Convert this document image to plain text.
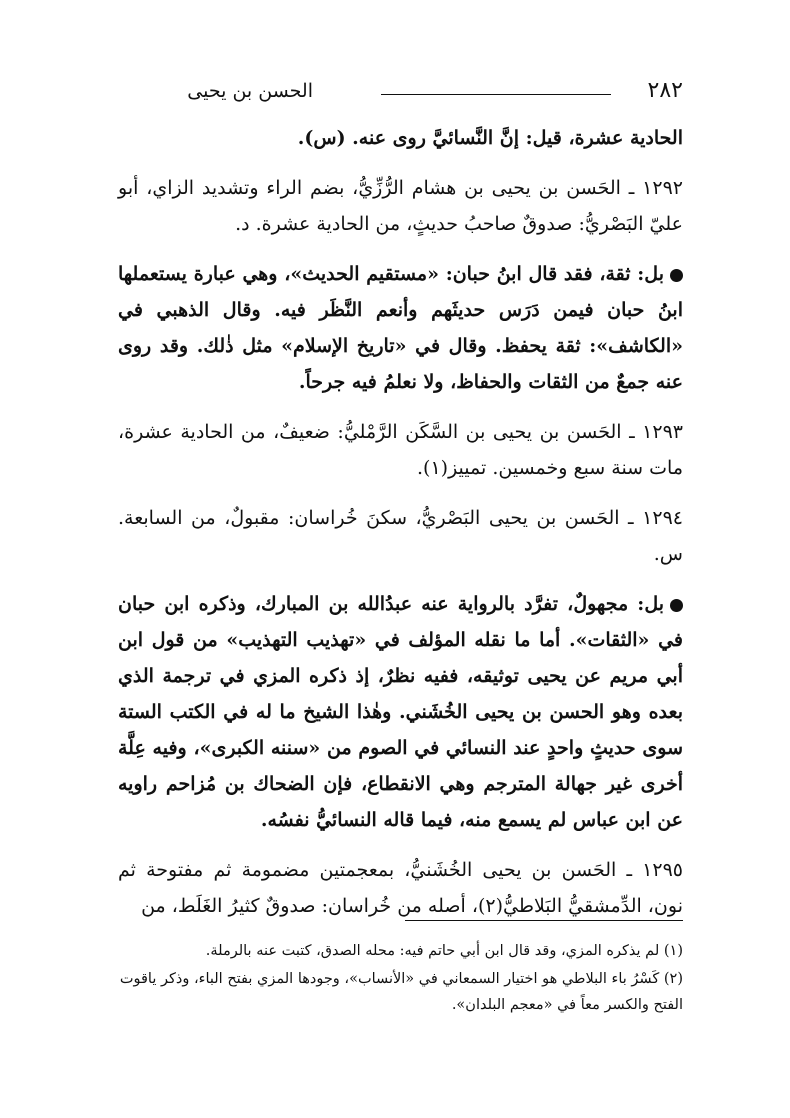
٢٨٢
الحسن بن يحيى

الحادية عشرة، قيل: إنَّ النَّسائيَّ روى عنه. (س).

١٢٩٢ ـ الحَسن بن يحيى بن هشام الرُّزِّيُّ، بضم الراء وتشديد الزاي، أبو عليّ البَصْريُّ: صدوقٌ صاحبُ حديثٍ، من الحادية عشرة. د.

بل: ثقة، فقد قال ابنُ حبان: «مستقيم الحديث»، وهي عبارة يستعملها ابنُ حبان فيمن دَرَس حديثَهم وأنعم النَّظَر فيه. وقال الذهبي في «الكاشف»: ثقة يحفظ. وقال في «تاريخ الإسلام» مثل ذٰلك. وقد روى عنه جمعٌ من الثقات والحفاظ، ولا نعلمُ فيه جرحاً.

١٢٩٣ ـ الحَسن بن يحيى بن السَّكَن الرَّمْليُّ: ضعيفٌ، من الحادية عشرة، مات سنة سبع وخمسين. تمييز(١).

١٢٩٤ ـ الحَسن بن يحيى البَصْريُّ، سكنَ خُراسان: مقبولٌ، من السابعة. س.

بل: مجهولٌ، تفرَّد بالرواية عنه عبدُالله بن المبارك، وذكره ابن حبان في «الثقات». أما ما نقله المؤلف في «تهذيب التهذيب» من قول ابن أبي مريم عن يحيى توثيقه، ففيه نظرٌ، إذ ذكره المزي في ترجمة الذي بعده وهو الحسن بن يحيى الخُشَني. وهٰذا الشيخ ما له في الكتب الستة سوى حديثٍ واحدٍ عند النسائي في الصوم من «سننه الكبرى»، وفيه عِلَّة أخرى غير جهالة المترجم وهي الانقطاع، فإن الضحاك بن مُزاحم راويه عن ابن عباس لم يسمع منه، فيما قاله النسائيُّ نفسُه.

١٢٩٥ ـ الحَسن بن يحيى الخُشَنيُّ، بمعجمتين مضمومة ثم مفتوحة ثم نون، الدِّمشقيُّ البَلاطيُّ(٢)، أصله من خُراسان: صدوقٌ كثيرُ الغَلَط، من

(١) لم يذكره المزي، وقد قال ابن أبي حاتم فيه: محله الصدق، كتبت عنه بالرملة.

(٢) كَسْرُ باء البلاطي هو اختيار السمعاني في «الأنساب»، وجودها المزي بفتح الباء، وذكر ياقوت الفتح والكسر معاً في «معجم البلدان».
